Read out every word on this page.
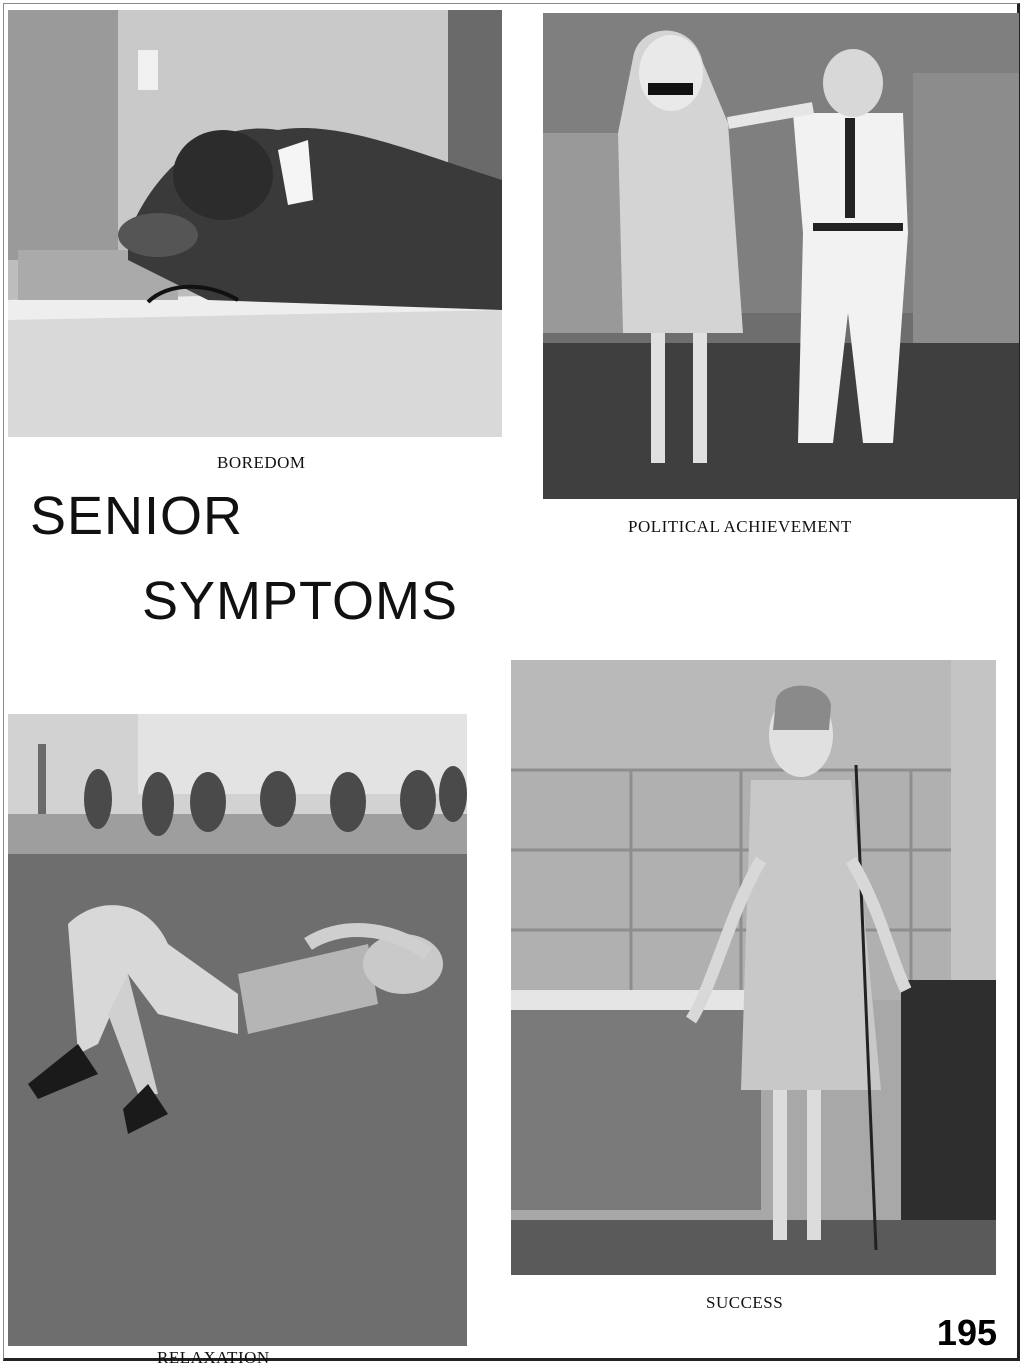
BOREDOM
POLITICAL ACHIEVEMENT
SENIOR
SYMPTOMS
RELAXATION
SUCCESS
195
